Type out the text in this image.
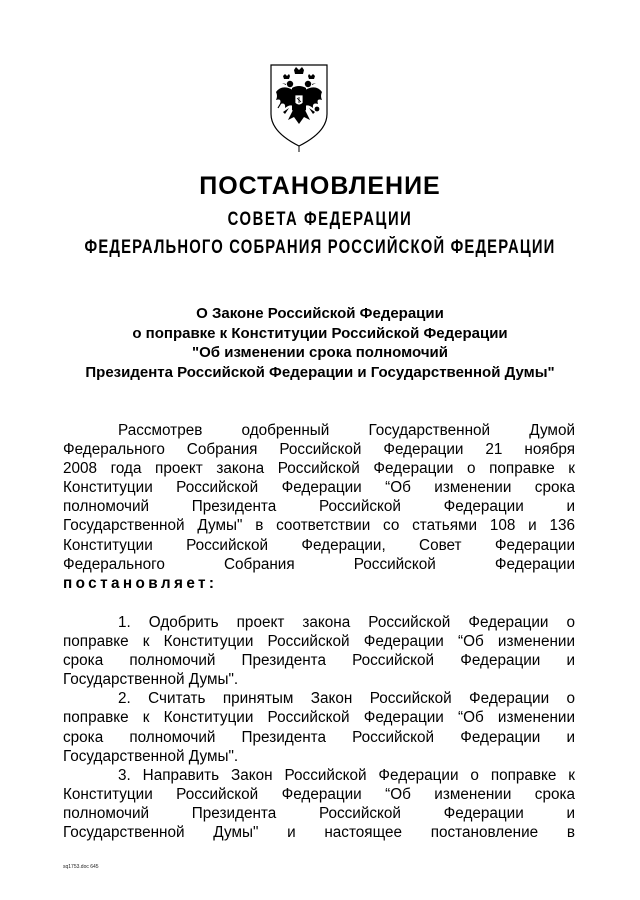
ПОСТАНОВЛЕНИЕ
СОВЕТА ФЕДЕРАЦИИ
ФЕДЕРАЛЬНОГО СОБРАНИЯ РОССИЙСКОЙ ФЕДЕРАЦИИ
О Законе Российской Федерации
о поправке к Конституции Российской Федерации
"Об изменении срока полномочий
Президента Российской Федерации и Государственной Думы"
Рассмотрев одобренный Государственной Думой
Федерального Собрания Российской Федерации 21 ноября
2008 года проект закона Российской Федерации о поправке к
Конституции Российской Федерации “Об изменении срока
полномочий Президента Российской Федерации и
Государственной Думы" в соответствии со статьями 108 и 136
Конституции Российской Федерации, Совет Федерации
Федерального Собрания Российской Федерации
постановляет:
1. Одобрить проект закона Российской Федерации о
поправке к Конституции Российской Федерации “Об изменении
срока полномочий Президента Российской Федерации и
Государственной Думы".
2. Считать принятым Закон Российской Федерации о
поправке к Конституции Российской Федерации “Об изменении
срока полномочий Президента Российской Федерации и
Государственной Думы".
3. Направить Закон Российской Федерации о поправке к
Конституции Российской Федерации “Об изменении срока
полномочий Президента Российской Федерации и
Государственной Думы" и настоящее постановление в
sq1753.doc 645
